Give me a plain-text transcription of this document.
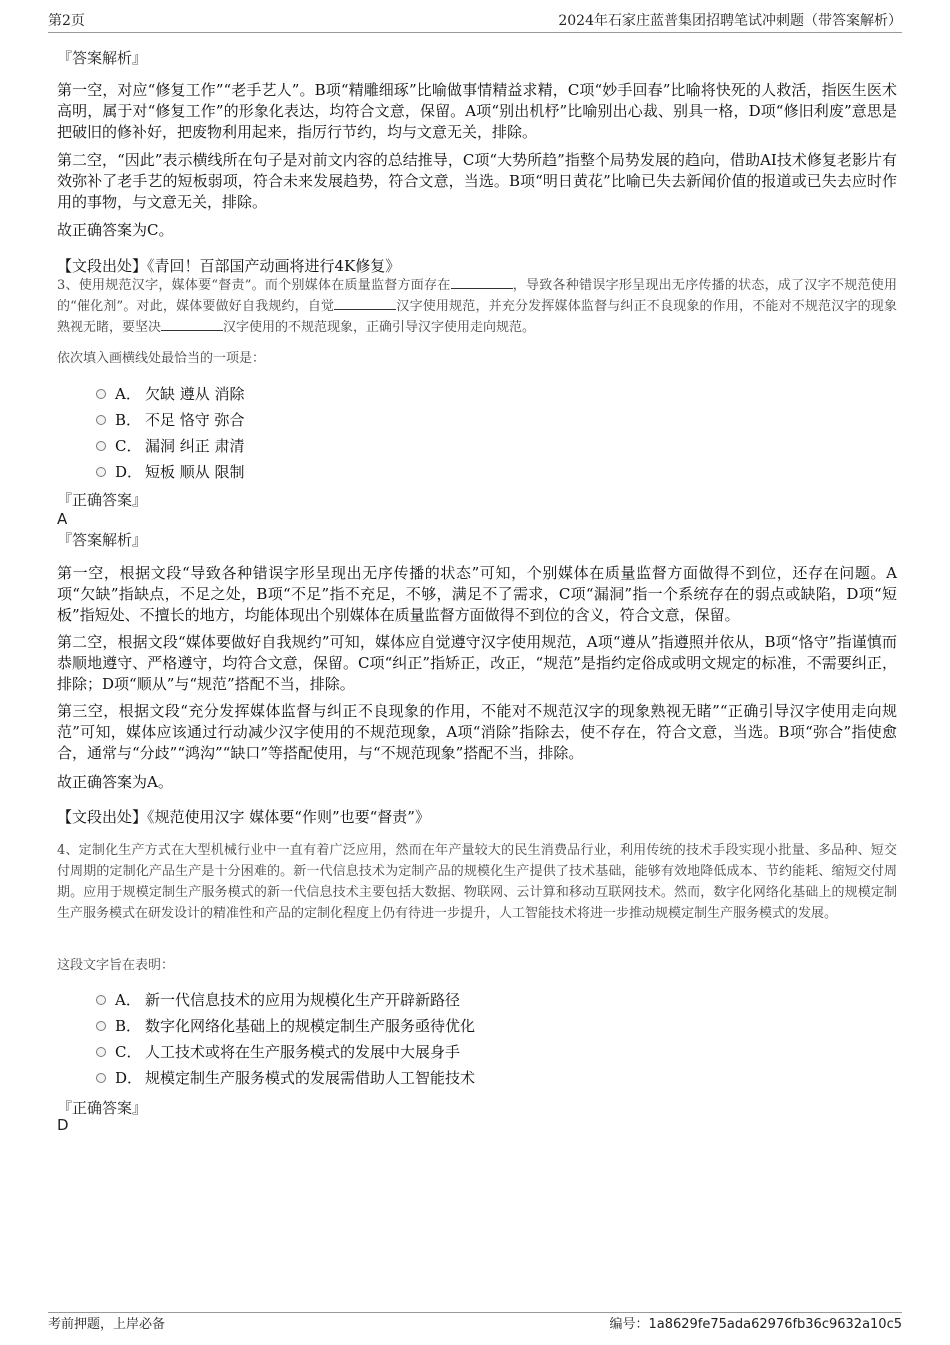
第2页	2024年石家庄蓝普集团招聘笔试冲刺题（带答案解析）
『答案解析』

第一空，对应“修复工作”“老手艺人”。B项“精雕细琢”比喻做事情精益求精，C项“妙手回春”比喻将快死的人救活，指医生医术高明，属于对“修复工作”的形象化表达，均符合文意，保留。A项“别出机杼”比喻别出心裁、别具一格，D项“修旧利废”意思是把破旧的修补好，把废物利用起来，指厉行节约，均与文意无关，排除。

第二空，“因此”表示横线所在句子是对前文内容的总结推导，C项“大势所趋”指整个局势发展的趋向，借助AI技术修复老影片有效弥补了老手艺的短板弱项，符合未来发展趋势，符合文意，当选。B项“明日黄花”比喻已失去新闻价值的报道或已失去应时作用的事物，与文意无关，排除。

故正确答案为C。
【文段出处】《青回！百部国产动画将进行4K修复》
3、使用规范汉字，媒体要“督责”。而个别媒体在质量监督方面存在	，导致各种错误字形呈现出无序传播的状态，成了汉字不规范使用的“催化剂”。对此，媒体要做好自我规约，自觉	汉字使用规范，并充分发挥媒体监督与纠正不良现象的作用，不能对不规范汉字的现象熟视无睹，要坚决	汉字使用的不规范现象，正确引导汉字使用走向规范。
依次填入画横线处最恰当的一项是：
A． 欠缺 遵从 消除
B． 不足 恪守 弥合
C． 漏洞 纠正 肃清
D． 短板 顺从 限制
『正确答案』
A
『答案解析』

第一空，根据文段“导致各种错误字形呈现出无序传播的状态”可知，个别媒体在质量监督方面做得不到位，还存在问题。A项“欠缺”指缺点，不足之处，B项“不足”指不充足，不够，满足不了需求，C项“漏洞”指一个系统存在的弱点或缺陷，D项“短板”指短处、不擅长的地方，均能体现出个别媒体在质量监督方面做得不到位的含义，符合文意，保留。

第二空，根据文段“媒体要做好自我规约”可知，媒体应自觉遵守汉字使用规范，A项“遵从”指遵照并依从，B项“恪守”指谨慎而恭顺地遵守、严格遵守，均符合文意，保留。C项“纠正”指矫正，改正，“规范”是指约定俗成或明文规定的标准，不需要纠正，排除；D项“顺从”与“规范”搭配不当，排除。

第三空，根据文段“充分发挥媒体监督与纠正不良现象的作用，不能对不规范汉字的现象熟视无睹”“正确引导汉字使用走向规范”可知，媒体应该通过行动减少汉字使用的不规范现象，A项“消除”指除去，使不存在，符合文意，当选。B项“弥合”指使愈合，通常与“分歧”“鸿沟”“缺口”等搭配使用，与“不规范现象”搭配不当，排除。

故正确答案为A。
【文段出处】《规范使用汉字 媒体要“作则”也要“督责”》
4、定制化生产方式在大型机械行业中一直有着广泛应用，然而在年产量较大的民生消费品行业，利用传统的技术手段实现小批量、多品种、短交付周期的定制化产品生产是十分困难的。新一代信息技术为定制产品的规模化生产提供了技术基础，能够有效地降低成本、节约能耗、缩短交付周期。应用于规模定制生产服务模式的新一代信息技术主要包括大数据、物联网、云计算和移动互联网技术。然而，数字化网络化基础上的规模定制生产服务模式在研发设计的精准性和产品的定制化程度上仍有待进一步提升，人工智能技术将进一步推动规模定制生产服务模式的发展。
这段文字旨在表明：
A． 新一代信息技术的应用为规模化生产开辟新路径
B． 数字化网络化基础上的规模定制生产服务亟待优化
C． 人工技术或将在生产服务模式的发展中大展身手
D． 规模定制生产服务模式的发展需借助人工智能技术
『正确答案』
D
考前押题，上岸必备	编号：1a8629fe75ada62976fb36c9632a10c5
